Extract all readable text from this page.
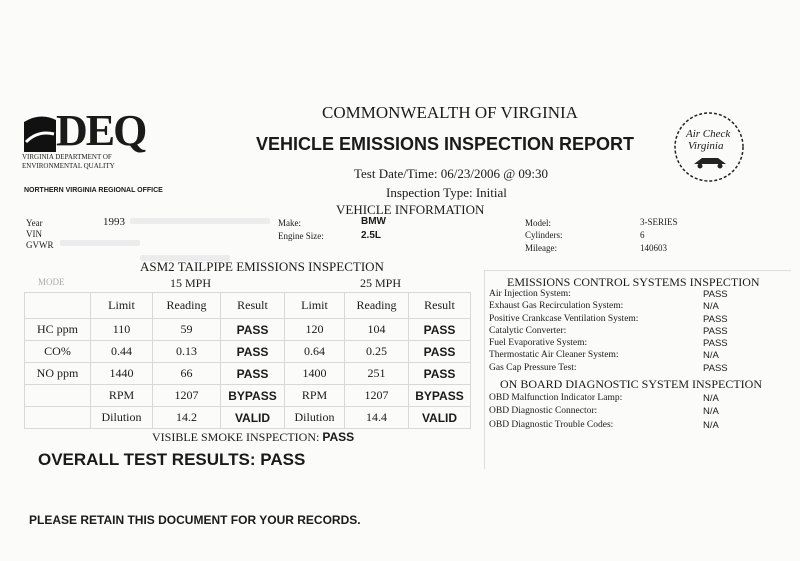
DEQ
VIRGINIA DEPARTMENT OF
ENVIRONMENTAL QUALITY
COMMONWEALTH OF VIRGINIA
VEHICLE EMISSIONS INSPECTION REPORT
Test Date/Time: 06/23/2006 @ 09:30
Inspection Type: Initial
NORTHERN VIRGINIA REGIONAL OFFICE
Air Check
Virginia
VEHICLE INFORMATION
Year	1993
VIN
GVWR
Make:	BMW
Engine Size:	2.5L
Model:	3-SERIES
Cylinders:	6
Mileage:	140603
ASM2 TAILPIPE EMISSIONS INSPECTION
MODE	15 MPH	25 MPH
	Limit	Reading	Result	Limit	Reading	Result
HC ppm	110	59	PASS	120	104	PASS
CO%	0.44	0.13	PASS	0.64	0.25	PASS
NO ppm	1440	66	PASS	1400	251	PASS
	RPM	1207	BYPASS	RPM	1207	BYPASS
	Dilution	14.2	VALID	Dilution	14.4	VALID
VISIBLE SMOKE INSPECTION: PASS
EMISSIONS CONTROL SYSTEMS INSPECTION
Air Injection System:	PASS
Exhaust Gas Recirculation System:	N/A
Positive Crankcase Ventilation System:	PASS
Catalytic Converter:	PASS
Fuel Evaporative System:	PASS
Thermostatic Air Cleaner System:	N/A
Gas Cap Pressure Test:	PASS
ON BOARD DIAGNOSTIC SYSTEM INSPECTION
OBD Malfunction Indicator Lamp:	N/A
OBD Diagnostic Connector:	N/A
OBD Diagnostic Trouble Codes:	N/A
OVERALL TEST RESULTS: PASS
PLEASE RETAIN THIS DOCUMENT FOR YOUR RECORDS.
